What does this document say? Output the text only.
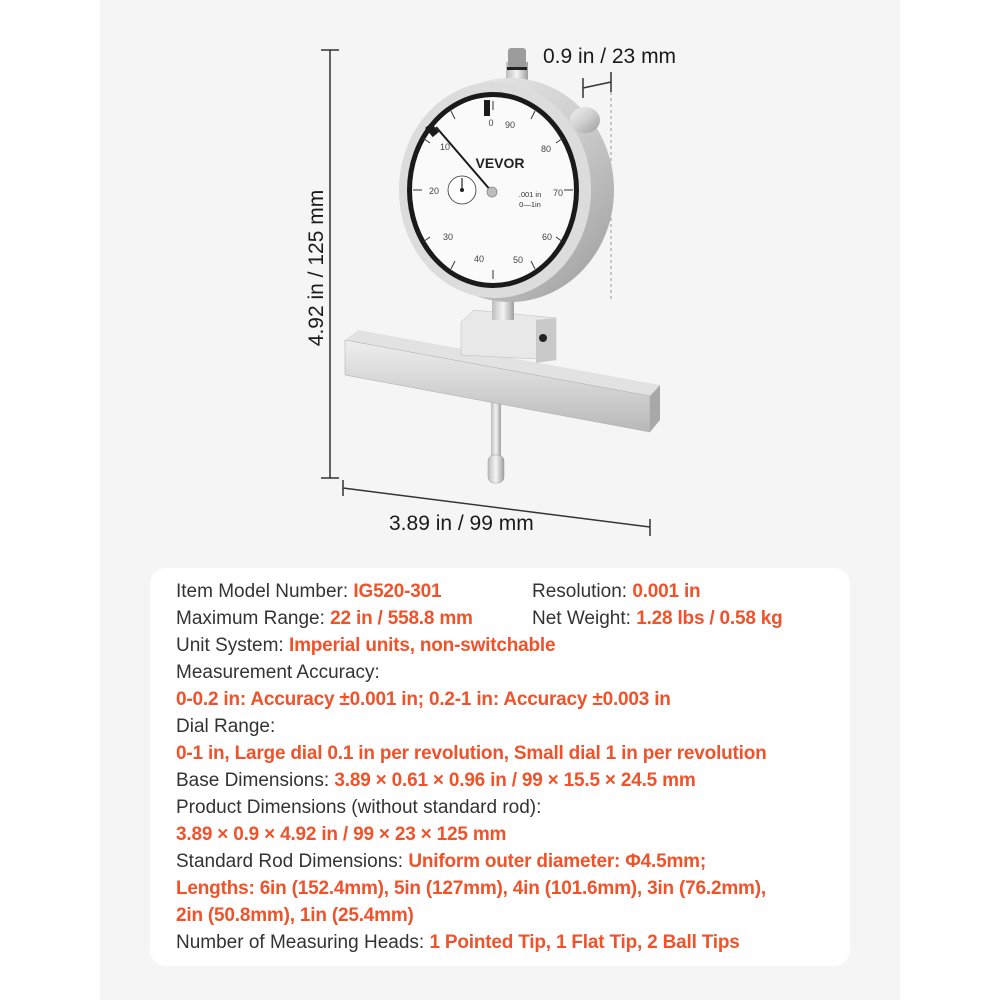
0
10
20
30
40	50
60
70
80
90
VEVOR
.001 in
0—1in
0.9 in / 23 mm
4.92 in / 125 mm
3.89 in / 99 mm
Item Model Number: IG520-301	Resolution: 0.001 in
Maximum Range: 22 in / 558.8 mm	Net Weight: 1.28 lbs / 0.58 kg
Unit System: Imperial units, non-switchable
Measurement Accuracy:
0-0.2 in: Accuracy ±0.001 in; 0.2-1 in: Accuracy ±0.003 in
Dial Range:
0-1 in, Large dial 0.1 in per revolution, Small dial 1 in per revolution
Base Dimensions: 3.89 × 0.61 × 0.96 in / 99 × 15.5 × 24.5 mm
Product Dimensions (without standard rod):
3.89 × 0.9 × 4.92 in / 99 × 23 × 125 mm
Standard Rod Dimensions: Uniform outer diameter: Φ4.5mm;
Lengths: 6in (152.4mm), 5in (127mm), 4in (101.6mm), 3in (76.2mm),
2in (50.8mm), 1in (25.4mm)
Number of Measuring Heads: 1 Pointed Tip, 1 Flat Tip, 2 Ball Tips
